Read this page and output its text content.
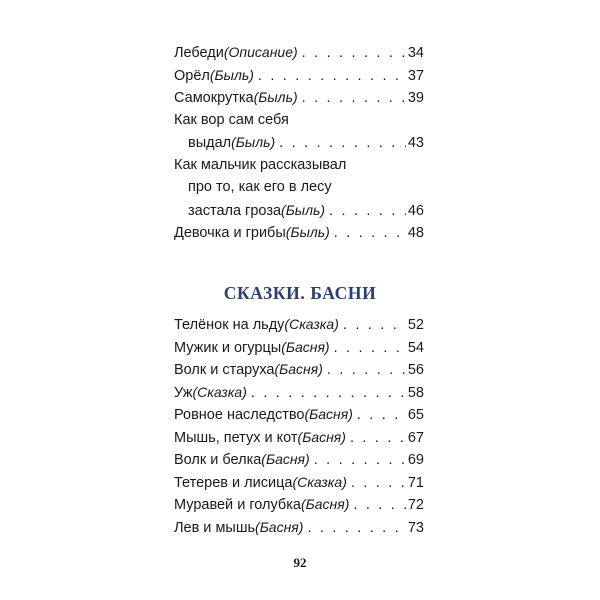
Лебеди (Описание) . . .	34
Орёл (Быль) . . .	37
Самокрутка (Быль) . . .	39
Как вор сам себя
выдал (Быль) . . .	43
Как мальчик рассказывал
про то, как его в лесу
застала гроза (Быль) . . .	46
Девочка и грибы (Быль) . . .	48
СКАЗКИ. БАСНИ
Телёнок на льду (Сказка) . . .	52
Мужик и огурцы (Басня) . . .	54
Волк и старуха (Басня) . . .	56
Уж (Сказка) . . .	58
Ровное наследство (Басня) . . .	65
Мышь, петух и кот (Басня) . . .	67
Волк и белка (Басня) . . .	69
Тетерев и лисица (Сказка) . . .	71
Муравей и голубка (Басня) . . .	72
Лев и мышь (Басня) . . .	73
92
